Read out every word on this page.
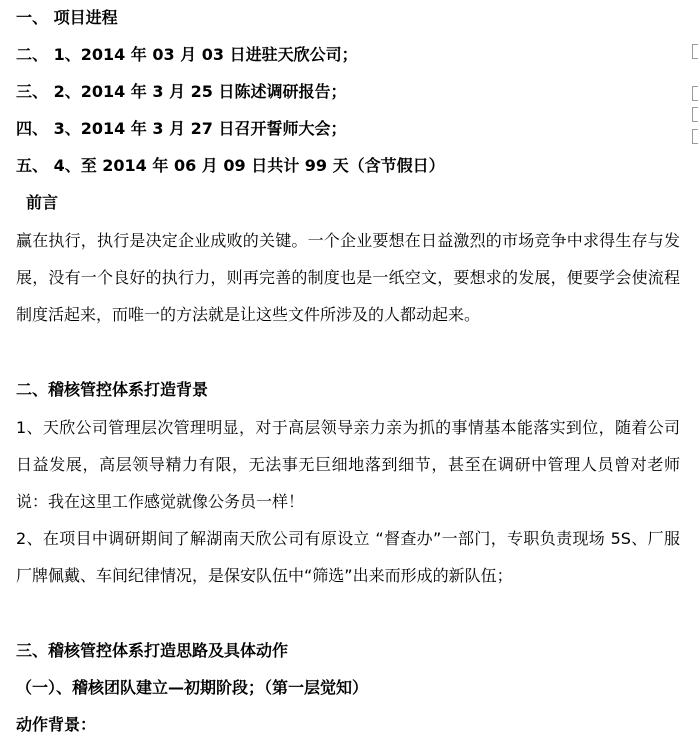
一、 项目进程
二、 1、2014 年 03 月 03 日进驻天欣公司；
三、 2、2014 年 3 月 25 日陈述调研报告；
四、 3、2014 年 3 月 27 日召开誓师大会；
五、 4、至 2014 年 06 月 09 日共计 99 天（含节假日）
前言
赢在执行，执行是决定企业成败的关键。一个企业要想在日益激烈的市场竞争中求得生存与发展，没有一个良好的执行力，则再完善的制度也是一纸空文，要想求的发展，便要学会使流程制度活起来，而唯一的方法就是让这些文件所涉及的人都动起来。
二、稽核管控体系打造背景
1、天欣公司管理层次管理明显，对于高层领导亲力亲为抓的事情基本能落实到位，随着公司日益发展，高层领导精力有限，无法事无巨细地落到细节，甚至在调研中管理人员曾对老师说：我在这里工作感觉就像公务员一样！
2、在项目中调研期间了解湖南天欣公司有原设立 “督查办”一部门，专职负责现场 5S、厂服厂牌佩戴、车间纪律情况，是保安队伍中“筛选”出来而形成的新队伍；
三、稽核管控体系打造思路及具体动作
（一）、稽核团队建立—初期阶段；（第一层觉知）
动作背景：
